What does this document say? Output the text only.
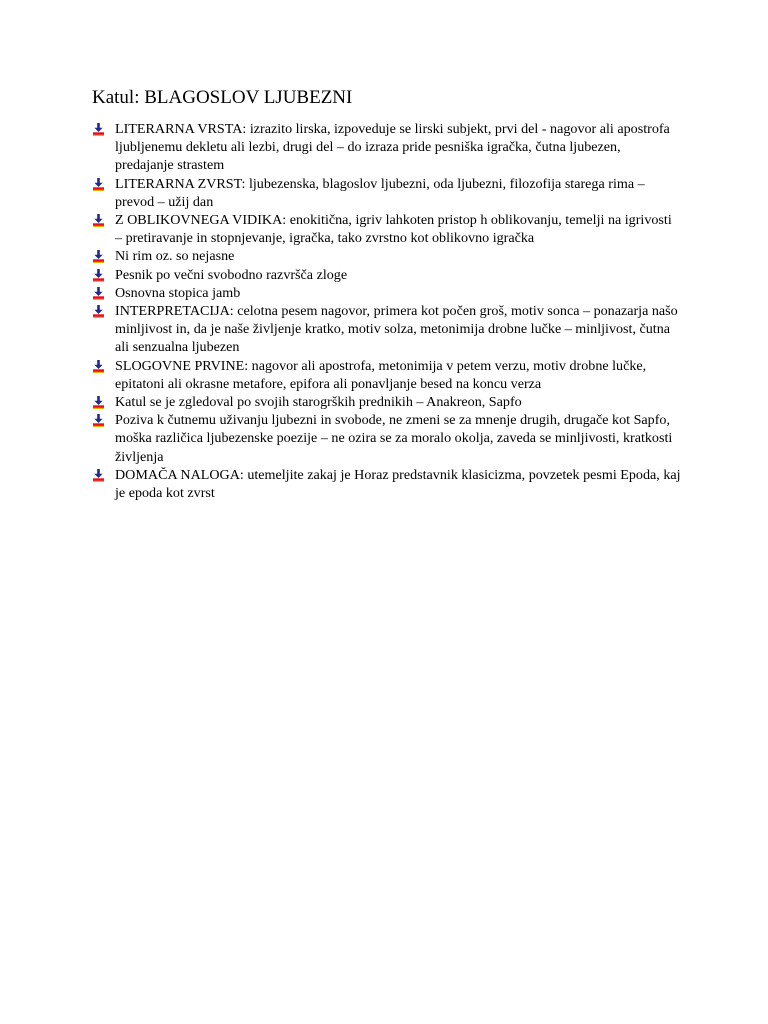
Katul: BLAGOSLOV LJUBEZNI
LITERARNA VRSTA: izrazito lirska, izpoveduje se lirski subjekt, prvi del - nagovor ali apostrofa ljubljenemu dekletu ali lezbi, drugi del – do izraza pride pesniška igračka, čutna ljubezen, predajanje strastem
LITERARNA ZVRST: ljubezenska, blagoslov ljubezni, oda ljubezni, filozofija starega rima – prevod – užij dan
Z OBLIKOVNEGA VIDIKA: enokitična, igriv lahkoten pristop h oblikovanju, temelji na igrivosti – pretiravanje in stopnjevanje, igračka, tako zvrstno kot oblikovno igračka
Ni rim oz. so nejasne
Pesnik po večni svobodno razvršča zloge
Osnovna stopica jamb
INTERPRETACIJA: celotna pesem nagovor, primera kot počen groš, motiv sonca – ponazarja našo minljivost in, da je naše življenje kratko, motiv solza, metonimija drobne lučke – minljivost, čutna ali senzualna ljubezen
SLOGOVNE PRVINE: nagovor ali apostrofa, metonimija v petem verzu, motiv drobne lučke, epitatoni ali okrasne metafore, epifora ali ponavljanje besed na koncu verza
Katul se je zgledoval po svojih starogrških prednikih – Anakreon, Sapfo
Poziva k čutnemu uživanju ljubezni in svobode, ne zmeni se za mnenje drugih, drugače kot Sapfo, moška različica ljubezenske poezije – ne ozira se za moralo okolja, zaveda se minljivosti, kratkosti življenja
DOMAČA NALOGA: utemeljite zakaj je Horaz predstavnik klasicizma, povzetek pesmi Epoda, kaj je epoda kot zvrst
